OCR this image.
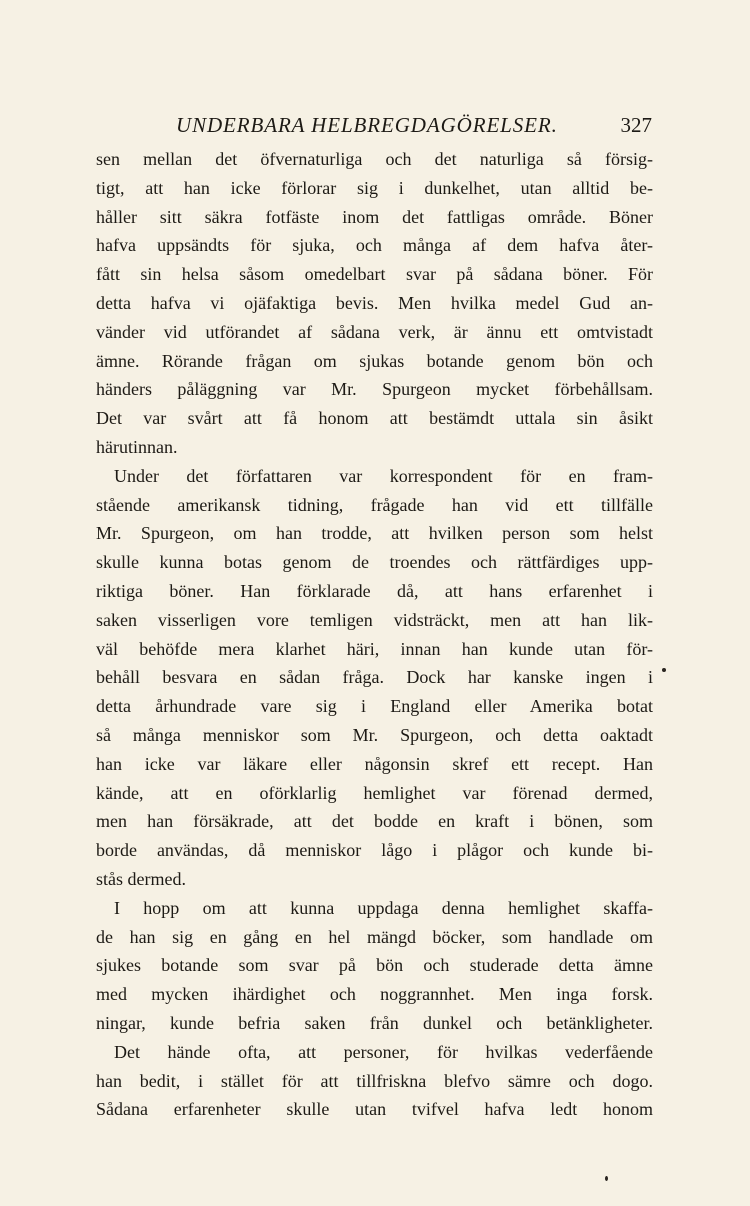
UNDERBARA HELBREGDAGÖRELSER.	327
sen mellan det öfvernaturliga och det naturliga så försig-
tigt, att han icke förlorar sig i dunkelhet, utan alltid be-
håller sitt säkra fotfäste inom det fattligas område. Böner
hafva uppsändts för sjuka, och många af dem hafva åter-
fått sin helsa såsom omedelbart svar på sådana böner. För
detta hafva vi ojäfaktiga bevis. Men hvilka medel Gud an-
vänder vid utförandet af sådana verk, är ännu ett omtvistadt
ämne. Rörande frågan om sjukas botande genom bön och
händers påläggning var Mr. Spurgeon mycket förbehållsam.
Det var svårt att få honom att bestämdt uttala sin åsikt
härutinnan.
Under det författaren var korrespondent för en fram-
stående amerikansk tidning, frågade han vid ett tillfälle
Mr. Spurgeon, om han trodde, att hvilken person som helst
skulle kunna botas genom de troendes och rättfärdiges upp-
riktiga böner. Han förklarade då, att hans erfarenhet i
saken visserligen vore temligen vidsträckt, men att han lik-
väl behöfde mera klarhet häri, innan han kunde utan för-
behåll besvara en sådan fråga. Dock har kanske ingen i
detta århundrade vare sig i England eller Amerika botat
så många menniskor som Mr. Spurgeon, och detta oaktadt
han icke var läkare eller någonsin skref ett recept. Han
kände, att en oförklarlig hemlighet var förenad dermed,
men han försäkrade, att det bodde en kraft i bönen, som
borde användas, då menniskor lågo i plågor och kunde bi-
stås dermed.
I hopp om att kunna uppdaga denna hemlighet skaffa-
de han sig en gång en hel mängd böcker, som handlade om
sjukes botande som svar på bön och studerade detta ämne
med mycken ihärdighet och noggrannhet. Men inga forsk.
ningar, kunde befria saken från dunkel och betänkligheter.
Det hände ofta, att personer, för hvilkas vederfående
han bedit, i stället för att tillfriskna blefvo sämre och dogo.
Sådana erfarenheter skulle utan tvifvel hafva ledt honom
